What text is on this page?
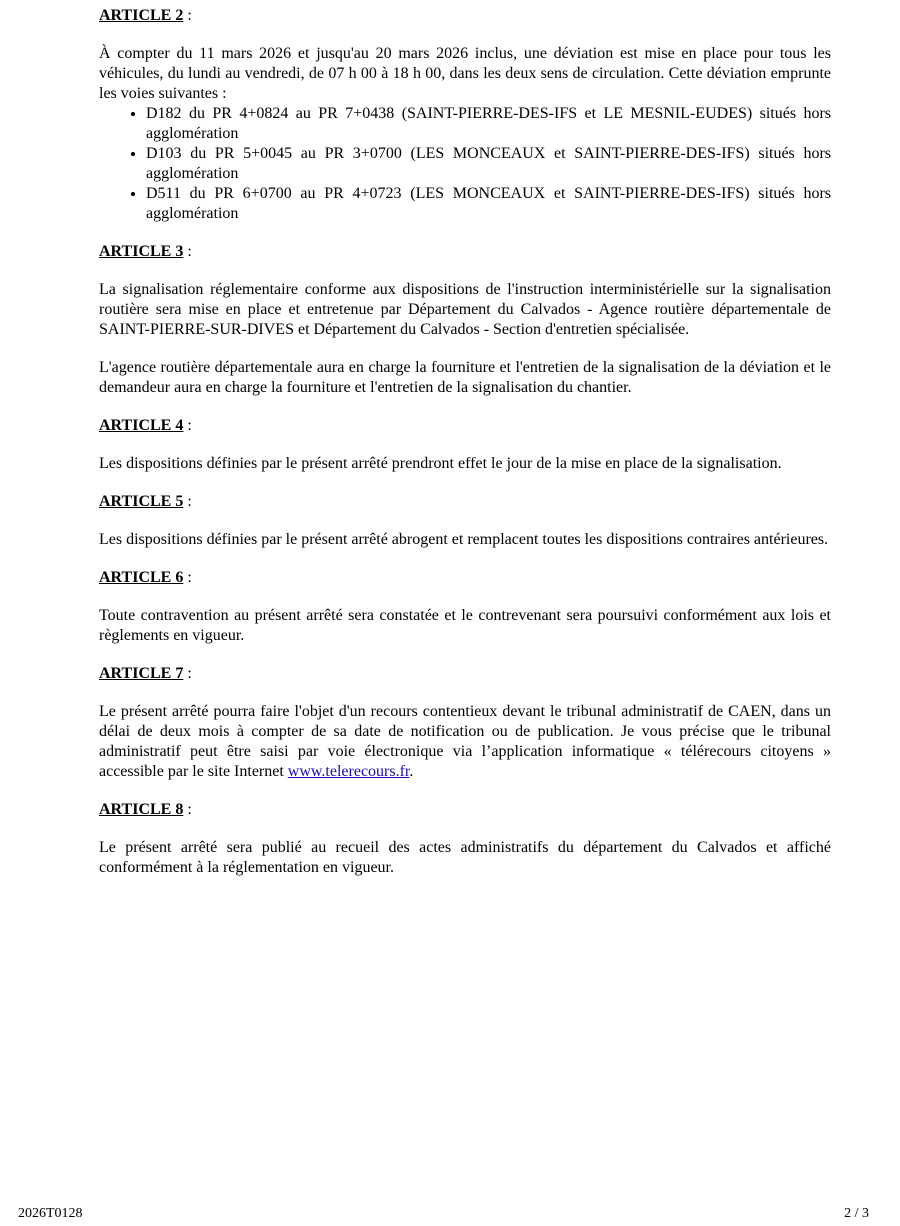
ARTICLE 2 :

À compter du 11 mars 2026 et jusqu'au 20 mars 2026 inclus, une déviation est mise en place pour tous les véhicules, du lundi au vendredi, de 07 h 00 à 18 h 00, dans les deux sens de circulation. Cette déviation emprunte les voies suivantes :

• D182 du PR 4+0824 au PR 7+0438 (SAINT-PIERRE-DES-IFS et LE MESNIL-EUDES) situés hors agglomération
• D103 du PR 5+0045 au PR 3+0700 (LES MONCEAUX et SAINT-PIERRE-DES-IFS) situés hors agglomération
• D511 du PR 6+0700 au PR 4+0723 (LES MONCEAUX et SAINT-PIERRE-DES-IFS) situés hors agglomération
ARTICLE 3 :

La signalisation réglementaire conforme aux dispositions de l'instruction interministérielle sur la signalisation routière sera mise en place et entretenue par Département du Calvados - Agence routière départementale de SAINT-PIERRE-SUR-DIVES et Département du Calvados - Section d'entretien spécialisée.

L'agence routière départementale aura en charge la fourniture et l'entretien de la signalisation de la déviation et le demandeur aura en charge la fourniture et l'entretien de la signalisation du chantier.

ARTICLE 4 :

Les dispositions définies par le présent arrêté prendront effet le jour de la mise en place de la signalisation.

ARTICLE 5 :

Les dispositions définies par le présent arrêté abrogent et remplacent toutes les dispositions contraires antérieures.

ARTICLE 6 :

Toute contravention au présent arrêté sera constatée et le contrevenant sera poursuivi conformément aux lois et règlements en vigueur.

ARTICLE 7 :

Le présent arrêté pourra faire l'objet d'un recours contentieux devant le tribunal administratif de CAEN, dans un délai de deux mois à compter de sa date de notification ou de publication. Je vous précise que le tribunal administratif peut être saisi par voie électronique via l’application informatique « télérecours citoyens » accessible par le site Internet www.telerecours.fr.

ARTICLE 8 :

Le présent arrêté sera publié au recueil des actes administratifs du département du Calvados et affiché conformément à la réglementation en vigueur.

2026T0128	2 / 3
